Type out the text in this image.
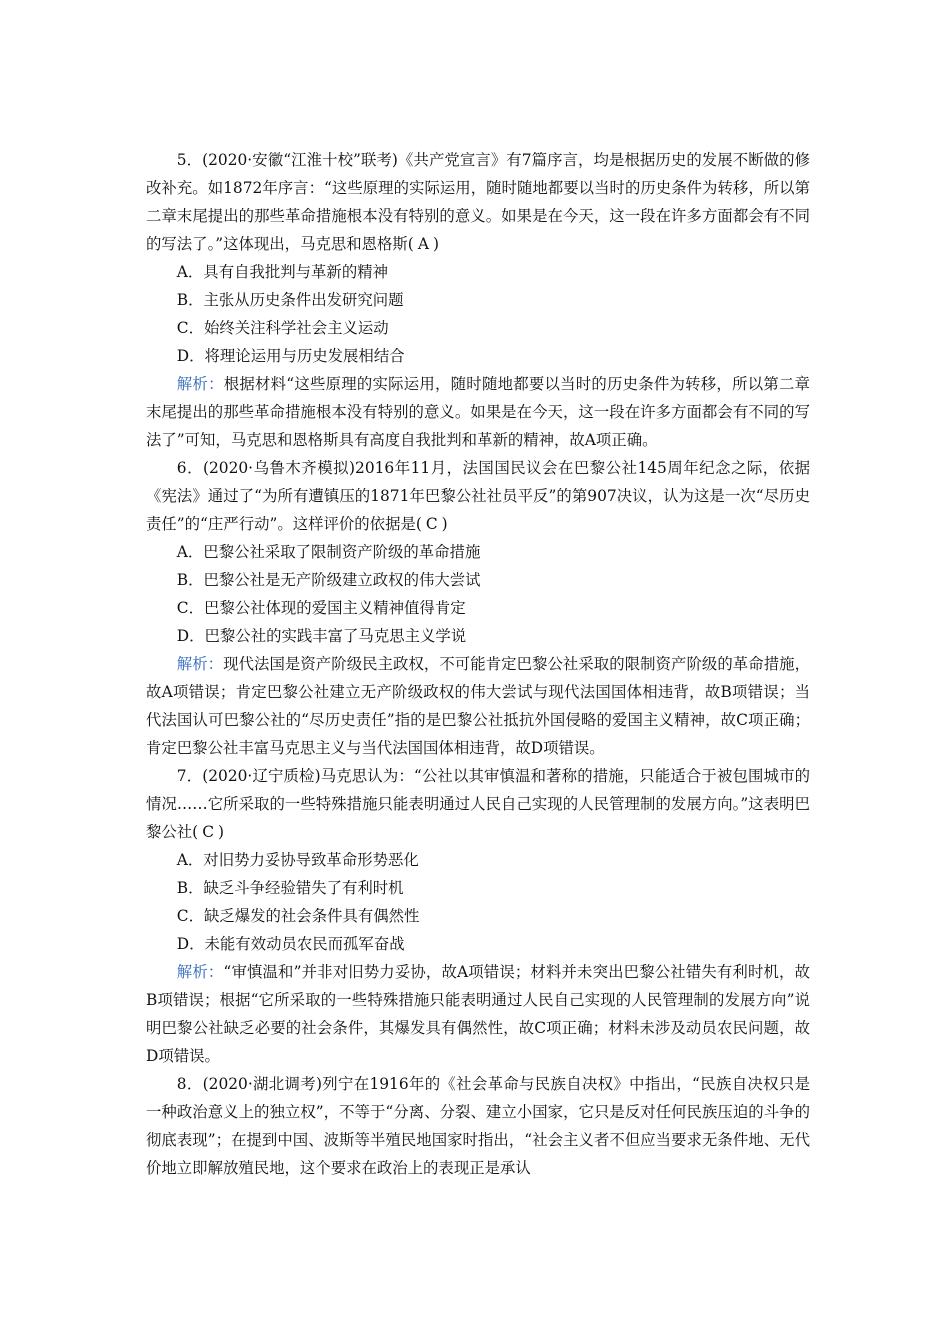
5．(2020·安徽“江淮十校”联考)《共产党宣言》有7篇序言，均是根据历史的发展不断做的修改补充。如1872年序言：“这些原理的实际运用，随时随地都要以当时的历史条件为转移，所以第二章末尾提出的那些革命措施根本没有特别的意义。如果是在今天，这一段在许多方面都会有不同的写法了。”这体现出，马克思和恩格斯( A )

A．具有自我批判与革新的精神
B．主张从历史条件出发研究问题
C．始终关注科学社会主义运动
D．将理论运用与历史发展相结合

解析：根据材料“这些原理的实际运用，随时随地都要以当时的历史条件为转移，所以第二章末尾提出的那些革命措施根本没有特别的意义。如果是在今天，这一段在许多方面都会有不同的写法了”可知，马克思和恩格斯具有高度自我批判和革新的精神，故A项正确。

6．(2020·乌鲁木齐模拟)2016年11月，法国国民议会在巴黎公社145周年纪念之际，依据《宪法》通过了“为所有遭镇压的1871年巴黎公社社员平反”的第907决议，认为这是一次“尽历史责任”的“庄严行动”。这样评价的依据是( C )

A．巴黎公社采取了限制资产阶级的革命措施
B．巴黎公社是无产阶级建立政权的伟大尝试
C．巴黎公社体现的爱国主义精神值得肯定
D．巴黎公社的实践丰富了马克思主义学说

解析：现代法国是资产阶级民主政权，不可能肯定巴黎公社采取的限制资产阶级的革命措施，故A项错误；肯定巴黎公社建立无产阶级政权的伟大尝试与现代法国国体相违背，故B项错误；当代法国认可巴黎公社的“尽历史责任”指的是巴黎公社抵抗外国侵略的爱国主义精神，故C项正确；肯定巴黎公社丰富马克思主义与当代法国国体相违背，故D项错误。

7．(2020·辽宁质检)马克思认为：“公社以其审慎温和著称的措施，只能适合于被包围城市的情况……它所采取的一些特殊措施只能表明通过人民自己实现的人民管理制的发展方向。”这表明巴黎公社( C )

A．对旧势力妥协导致革命形势恶化
B．缺乏斗争经验错失了有利时机
C．缺乏爆发的社会条件具有偶然性
D．未能有效动员农民而孤军奋战

解析：“审慎温和”并非对旧势力妥协，故A项错误；材料并未突出巴黎公社错失有利时机，故B项错误；根据“它所采取的一些特殊措施只能表明通过人民自己实现的人民管理制的发展方向”说明巴黎公社缺乏必要的社会条件，其爆发具有偶然性，故C项正确；材料未涉及动员农民问题，故D项错误。

8．(2020·湖北调考)列宁在1916年的《社会革命与民族自决权》中指出，“民族自决权只是一种政治意义上的独立权”，不等于“分离、分裂、建立小国家，它只是反对任何民族压迫的斗争的彻底表现”；在提到中国、波斯等半殖民地国家时指出，“社会主义者不但应当要求无条件地、无代价地立即解放殖民地，这个要求在政治上的表现正是承认
